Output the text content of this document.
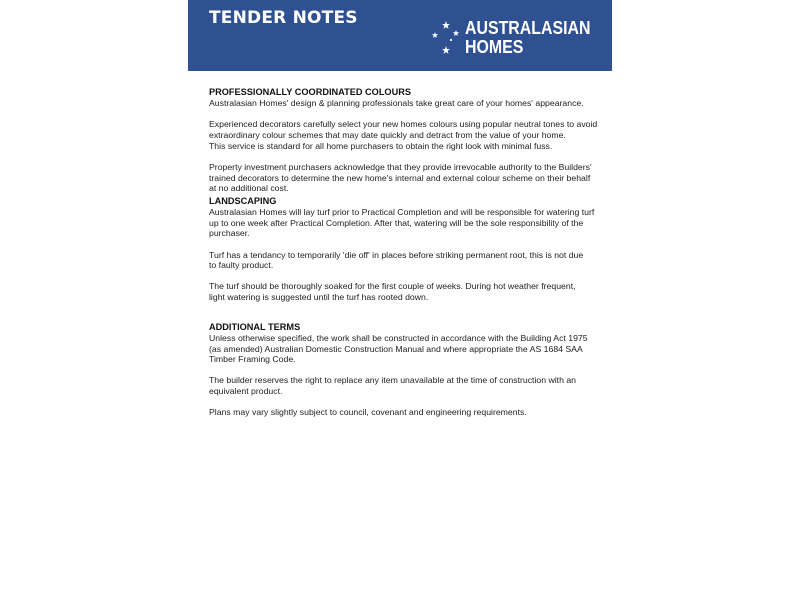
TENDER NOTES	AUSTRALASIAN
HOMES
PROFESSIONALLY COORDINATED COLOURS

Australasian Homes' design & planning professionals take great care of your homes' appearance.

Experienced decorators carefully select your new homes colours using popular neutral tones to avoid
extraordinary colour schemes that may date quickly and detract from the value of your home.
This service is standard for all home purchasers to obtain the right look with minimal fuss.

Property investment purchasers acknowledge that they provide irrevocable authority to the Builders'
trained decorators to determine the new home's internal and external colour scheme on their behalf
at no additional cost.

LANDSCAPING

Australasian Homes will lay turf prior to Practical Completion and will be responsible for watering turf
up to one week after Practical Completion. After that, watering will be the sole responsibility of the
purchaser.

Turf has a tendancy to temporarily 'die off' in places before striking permanent root, this is not due
to faulty product.

The turf should be thoroughly soaked for the first couple of weeks. During hot weather frequent,
light watering is suggested until the turf has rooted down.

ADDITIONAL TERMS

Unless otherwise specified, the work shall be constructed in accordance with the Building Act 1975
(as amended) Australian Domestic Construction Manual and where appropriate the AS 1684 SAA
Timber Framing Code.

The builder reserves the right to replace any item unavailable at the time of construction with an
equivalent product.

Plans may vary slightly subject to council, covenant and engineering requirements.
